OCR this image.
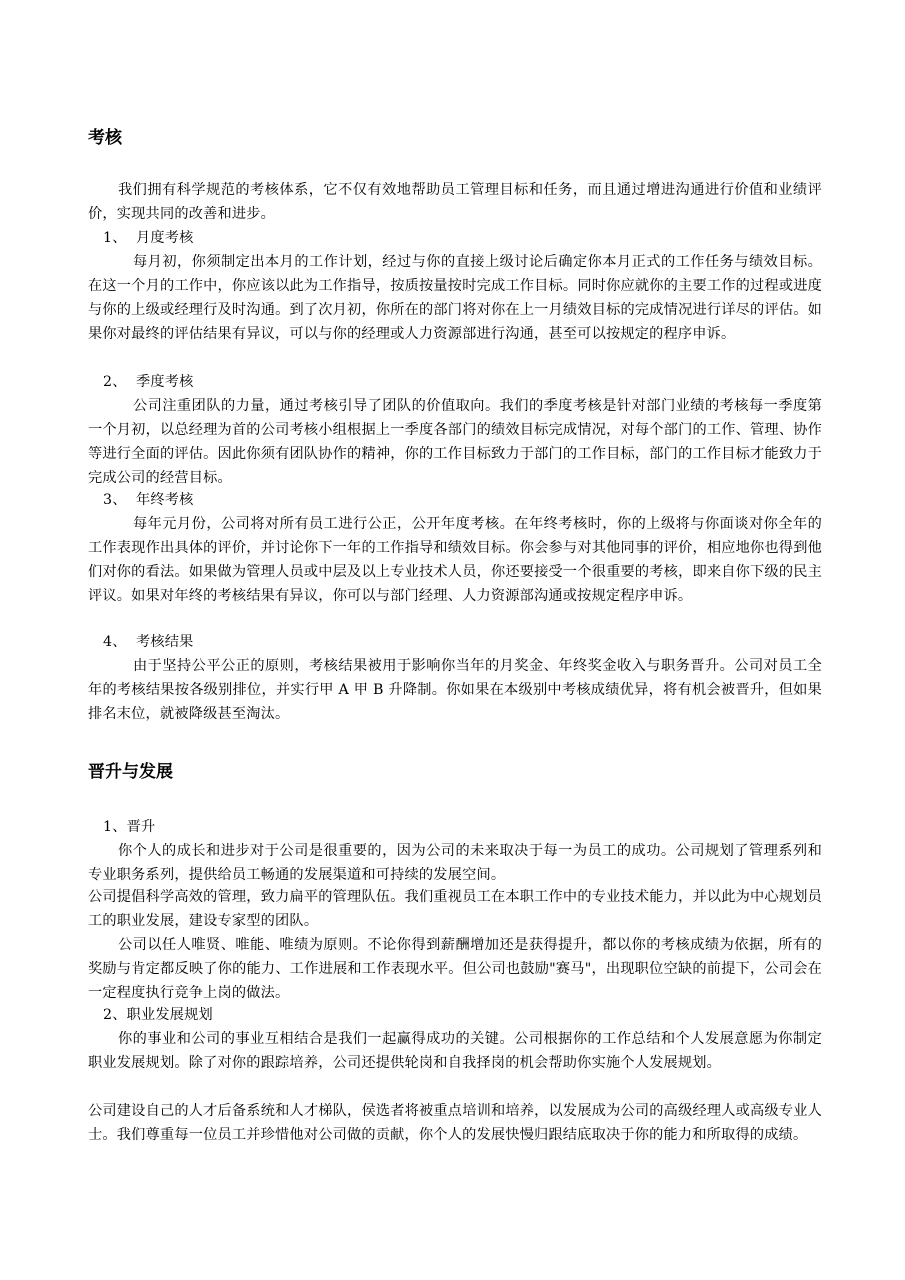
考核

我们拥有科学规范的考核体系，它不仅有效地帮助员工管理目标和任务，而且通过增进沟通进行价值和业绩评价，实现共同的改善和进步。

1、 月度考核

每月初，你须制定出本月的工作计划，经过与你的直接上级讨论后确定你本月正式的工作任务与绩效目标。在这一个月的工作中，你应该以此为工作指导，按质按量按时完成工作目标。同时你应就你的主要工作的过程或进度与你的上级或经理行及时沟通。到了次月初，你所在的部门将对你在上一月绩效目标的完成情况进行详尽的评估。如果你对最终的评估结果有异议，可以与你的经理或人力资源部进行沟通，甚至可以按规定的程序申诉。

2、 季度考核

公司注重团队的力量，通过考核引导了团队的价值取向。我们的季度考核是针对部门业绩的考核每一季度第一个月初，以总经理为首的公司考核小组根据上一季度各部门的绩效目标完成情况，对每个部门的工作、管理、协作等进行全面的评估。因此你须有团队协作的精神，你的工作目标致力于部门的工作目标，部门的工作目标才能致力于完成公司的经营目标。

3、 年终考核

每年元月份，公司将对所有员工进行公正，公开年度考核。在年终考核时，你的上级将与你面谈对你全年的工作表现作出具体的评价，并讨论你下一年的工作指导和绩效目标。你会参与对其他同事的评价，相应地你也得到他们对你的看法。如果做为管理人员或中层及以上专业技术人员，你还要接受一个很重要的考核，即来自你下级的民主评议。如果对年终的考核结果有异议，你可以与部门经理、人力资源部沟通或按规定程序申诉。

4、 考核结果

由于坚持公平公正的原则，考核结果被用于影响你当年的月奖金、年终奖金收入与职务晋升。公司对员工全年的考核结果按各级别排位，并实行甲 A 甲 B 升降制。你如果在本级别中考核成绩优异，将有机会被晋升，但如果排名末位，就被降级甚至淘汰。

晋升与发展

1、晋升

你个人的成长和进步对于公司是很重要的，因为公司的未来取决于每一为员工的成功。公司规划了管理系列和专业职务系列，提供给员工畅通的发展渠道和可持续的发展空间。

公司提倡科学高效的管理，致力扁平的管理队伍。我们重视员工在本职工作中的专业技术能力，并以此为中心规划员工的职业发展，建设专家型的团队。

公司以任人唯贤、唯能、唯绩为原则。不论你得到薪酬增加还是获得提升，都以你的考核成绩为依据，所有的奖励与肯定都反映了你的能力、工作进展和工作表现水平。但公司也鼓励"赛马"，出现职位空缺的前提下，公司会在一定程度执行竞争上岗的做法。

2、职业发展规划

你的事业和公司的事业互相结合是我们一起赢得成功的关键。公司根据你的工作总结和个人发展意愿为你制定职业发展规划。除了对你的跟踪培养，公司还提供轮岗和自我择岗的机会帮助你实施个人发展规划。

公司建设自己的人才后备系统和人才梯队，侯选者将被重点培训和培养，以发展成为公司的高级经理人或高级专业人士。我们尊重每一位员工并珍惜他对公司做的贡献，你个人的发展快慢归跟结底取决于你的能力和所取得的成绩。
